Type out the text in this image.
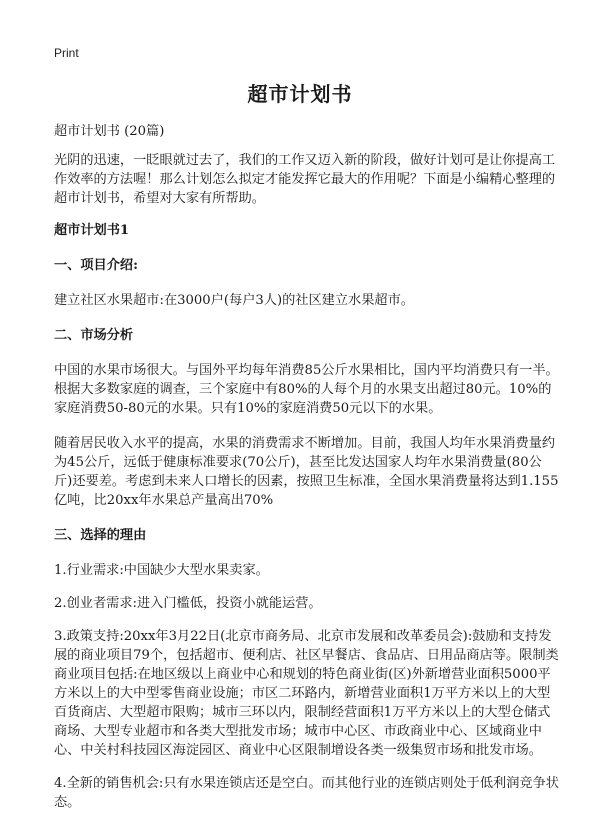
Print
超市计划书

超市计划书 (20篇)

光阴的迅速，一眨眼就过去了，我们的工作又迈入新的阶段，做好计划可是让你提高工作效率的方法喔！那么计划怎么拟定才能发挥它最大的作用呢？下面是小编精心整理的超市计划书，希望对大家有所帮助。

超市计划书1

一、项目介绍:

建立社区水果超市:在3000户(每户3人)的社区建立水果超市。

二、市场分析

中国的水果市场很大。与国外平均每年消费85公斤水果相比，国内平均消费只有一半。根据大多数家庭的调查，三个家庭中有80%的人每个月的水果支出超过80元。10%的家庭消费50-80元的水果。只有10%的家庭消费50元以下的水果。

随着居民收入水平的提高，水果的消费需求不断增加。目前，我国人均年水果消费量约为45公斤，远低于健康标准要求(70公斤)，甚至比发达国家人均年水果消费量(80公斤)还要差。考虑到未来人口增长的因素，按照卫生标准，全国水果消费量将达到1.155亿吨，比20xx年水果总产量高出70%

三、选择的理由

1.行业需求:中国缺少大型水果卖家。

2.创业者需求:进入门槛低，投资小就能运营。

3.政策支持:20xx年3月22日(北京市商务局、北京市发展和改革委员会):鼓励和支持发展的商业项目79个，包括超市、便利店、社区早餐店、食品店、日用品商店等。限制类商业项目包括:在地区级以上商业中心和规划的特色商业街(区)外新增营业面积5000平方米以上的大中型零售商业设施；市区二环路内，新增营业面积1万平方米以上的大型百货商店、大型超市限购；城市三环以内，限制经营面积1万平方米以上的大型仓储式商场、大型专业超市和各类大型批发市场；城市中心区、市政商业中心、区域商业中心、中关村科技园区海淀园区、商业中心区限制增设各类一级集贸市场和批发市场。

4.全新的销售机会:只有水果连锁店还是空白。而其他行业的连锁店则处于低利润竞争状态。
